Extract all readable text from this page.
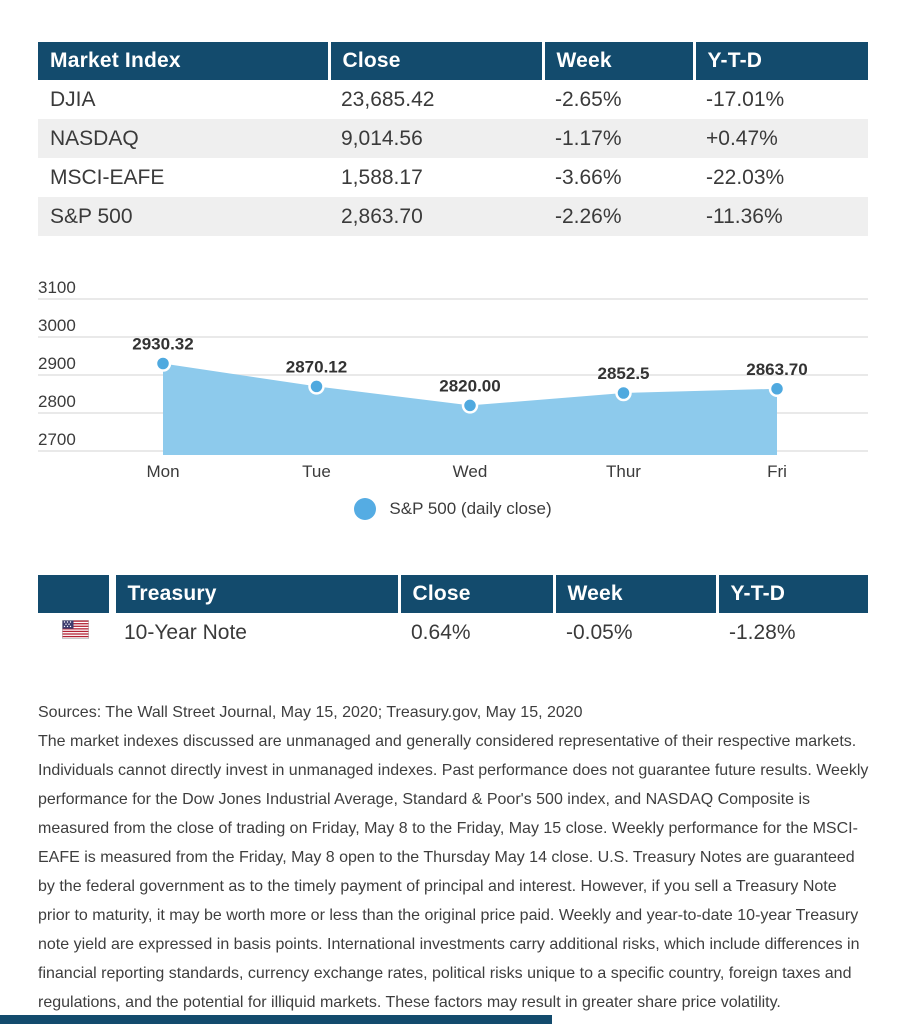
Market Index	Close	Week	Y-T-D
DJIA	23,685.42	-2.65%	-17.01%
NASDAQ	9,014.56	-1.17%	+0.47%
MSCI-EAFE	1,588.17	-3.66%	-22.03%
S&P 500	2,863.70	-2.26%	-11.36%
3100
3000
2900
2800
2700
2930.32
2870.12
2820.00
2852.5	2863.70
Mon	Tue	Wed	Thur	Fri
S&P 500 (daily close)
	Treasury	Close	Week	Y-T-D
	10-Year Note	0.64%	-0.05%	-1.28%

Sources: The Wall Street Journal, May 15, 2020; Treasury.gov, May 15, 2020

The market indexes discussed are unmanaged and generally considered representative of their respective markets. Individuals cannot directly invest in unmanaged indexes. Past performance does not guarantee future results. Weekly performance for the Dow Jones Industrial Average, Standard & Poor's 500 index, and NASDAQ Composite is measured from the close of trading on Friday, May 8 to the Friday, May 15 close. Weekly performance for the MSCI-EAFE is measured from the Friday, May 8 open to the Thursday May 14 close. U.S. Treasury Notes are guaranteed by the federal government as to the timely payment of principal and interest. However, if you sell a Treasury Note prior to maturity, it may be worth more or less than the original price paid. Weekly and year-to-date 10-year Treasury note yield are expressed in basis points. International investments carry additional risks, which include differences in financial reporting standards, currency exchange rates, political risks unique to a specific country, foreign taxes and regulations, and the potential for illiquid markets. These factors may result in greater share price volatility.
